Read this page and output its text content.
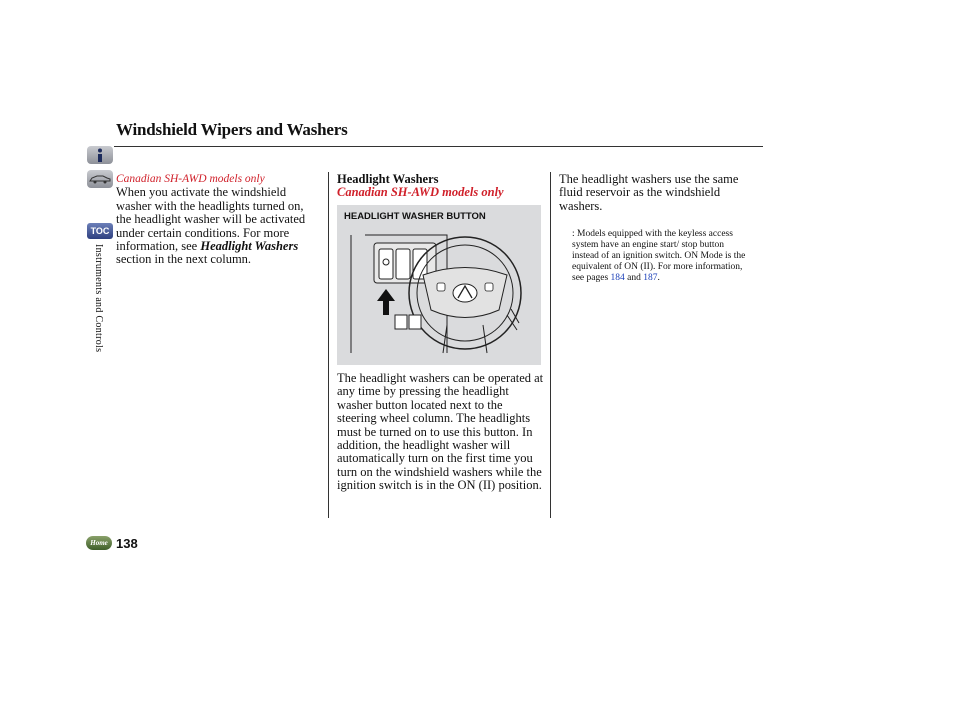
Windshield Wipers and Washers
TOC
Instruments and Controls
Home 138
Canadian SH-AWD models only
When you activate the windshield washer with the headlights turned on, the headlight washer will be activated under certain conditions. For more information, see Headlight Washers section in the next column.
Headlight Washers
Canadian SH-AWD models only
HEADLIGHT WASHER BUTTON
The headlight washers can be operated at any time by pressing the headlight washer button located next to the steering wheel column. The headlights must be turned on to use this button. In addition, the headlight washer will automatically turn on the first time you turn on the windshield washers while the ignition switch is in the ON (II) position.
The headlight washers use the same fluid reservoir as the windshield washers.
: Models equipped with the keyless access system have an engine start/ stop button instead of an ignition switch. ON Mode is the equivalent of ON (II). For more information, see pages 184 and 187.
